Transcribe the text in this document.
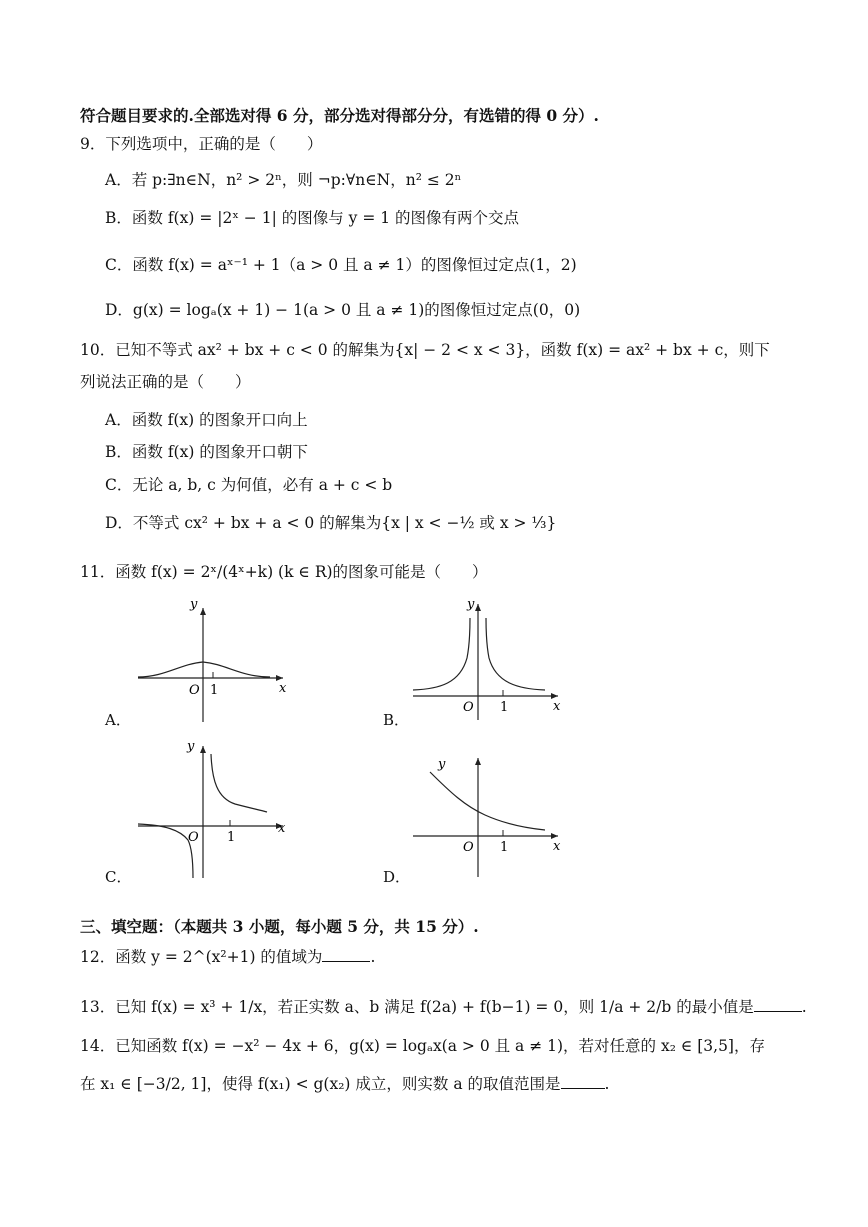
符合题目要求的.全部选对得 6 分，部分选对得部分分，有选错的得 0 分）.
9．下列选项中，正确的是（　　）
A．若 p:∃n∈N，n² > 2ⁿ，则 ¬p:∀n∈N，n² ≤ 2ⁿ
B．函数 f(x) = |2ˣ − 1| 的图像与 y = 1 的图像有两个交点
C．函数 f(x) = aˣ⁻¹ + 1（a > 0 且 a ≠ 1）的图像恒过定点(1，2)
D．g(x) = logₐ(x + 1) − 1(a > 0 且 a ≠ 1)的图像恒过定点(0，0)
10．已知不等式 ax² + bx + c < 0 的解集为{x| − 2 < x < 3}，函数 f(x) = ax² + bx + c，则下
列说法正确的是（　　）
A．函数 f(x) 的图象开口向上
B．函数 f(x) 的图象开口朝下
C．无论 a, b, c 为何值，必有 a + c < b
D．不等式 cx² + bx + a < 0 的解集为{x | x < −½ 或 x > ⅓}
11．函数 f(x) = 2ˣ/(4ˣ+k) (k ∈ R)的图象可能是（　　）
y
x
O 1
A．
y
x
O 1
B．
y
x
O 1
C．
y
x
O 1
D．
三、填空题：（本题共 3 小题，每小题 5 分，共 15 分）.
12．函数 y = 2^(x²+1) 的值域为	.
13．已知 f(x) = x³ + 1/x，若正实数 a、b 满足 f(2a) + f(b−1) = 0，则 1/a + 2/b 的最小值是	.
14．已知函数 f(x) = −x² − 4x + 6，g(x) = logₐx(a > 0 且 a ≠ 1)，若对任意的 x₂ ∈ [3,5]，存
在 x₁ ∈ [−3/2, 1]，使得 f(x₁) < g(x₂) 成立，则实数 a 的取值范围是	.
